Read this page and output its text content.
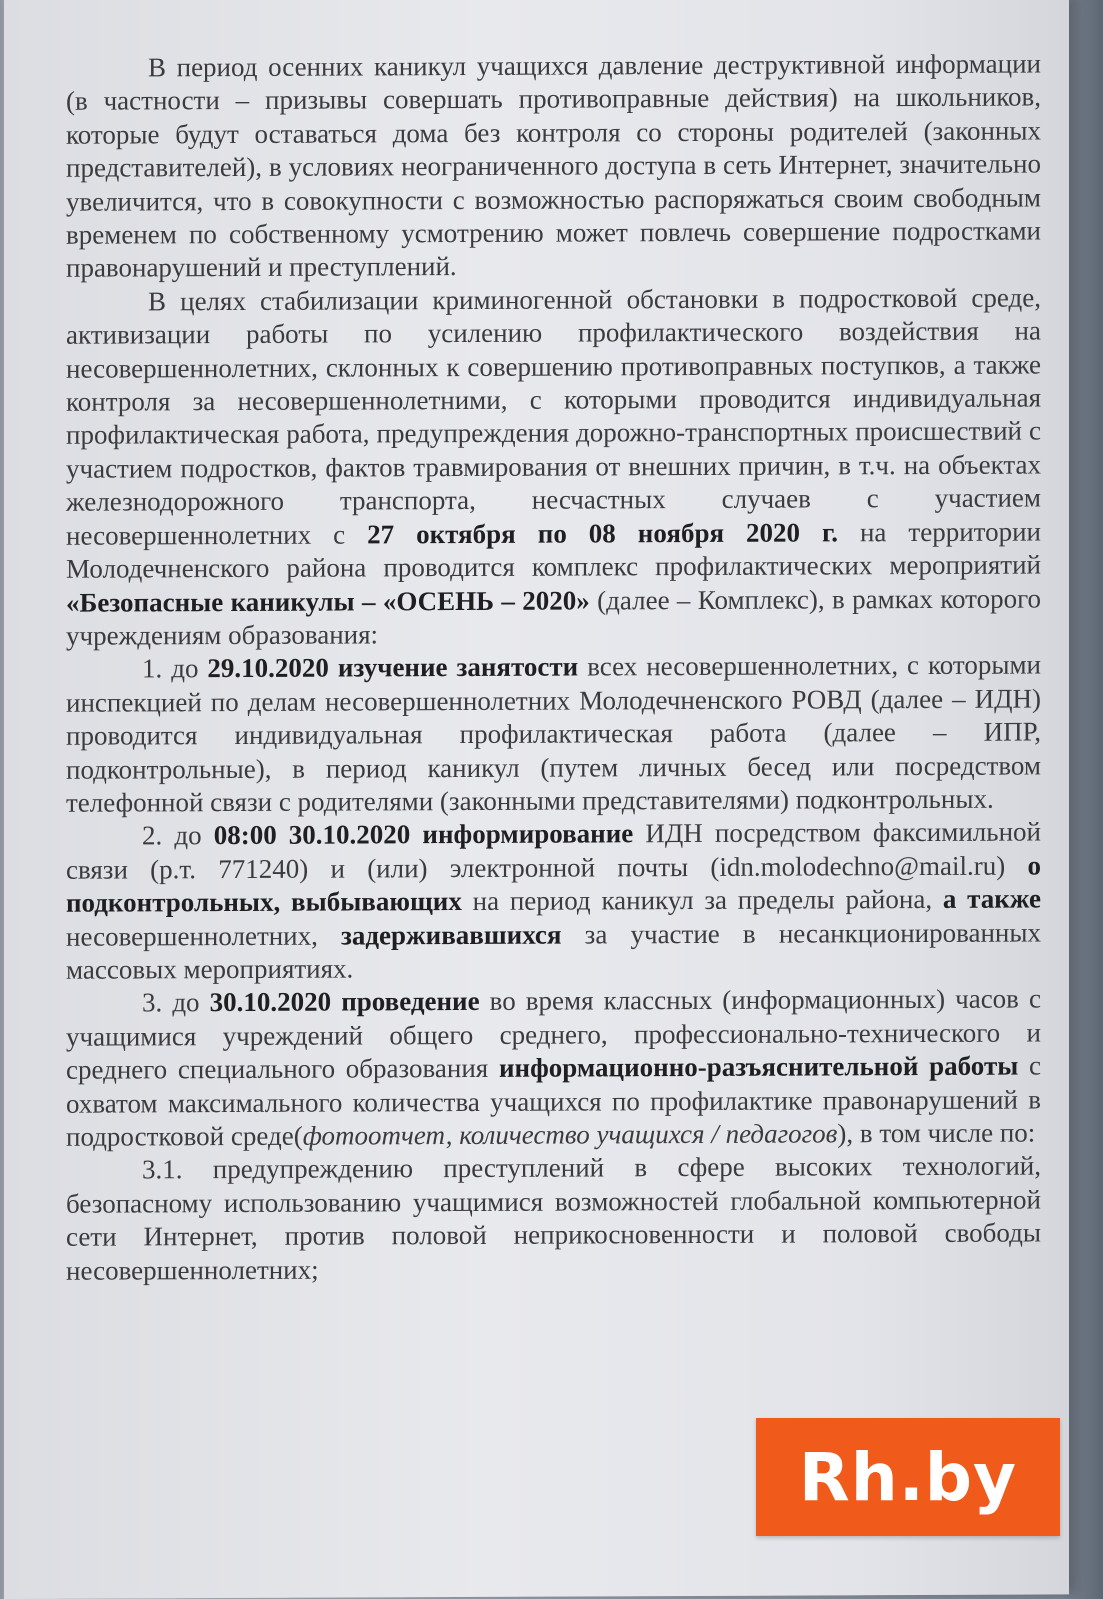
В период осенних каникул учащихся давление деструктивной информации (в частности – призывы совершать противоправные действия) на школьников, которые будут оставаться дома без контроля со стороны родителей (законных представителей), в условиях неограниченного доступа в сеть Интернет, значительно увеличится, что в совокупности с возможностью распоряжаться своим свободным временем по собственному усмотрению может повлечь совершение подростками правонарушений и преступлений.

В целях стабилизации криминогенной обстановки в подростковой среде, активизации работы по усилению профилактического воздействия на несовершеннолетних, склонных к совершению противоправных поступков, а также контроля за несовершеннолетними, с которыми проводится индивидуальная профилактическая работа, предупреждения дорожно-транспортных происшествий с участием подростков, фактов травмирования от внешних причин, в т.ч. на объектах железнодорожного транспорта, несчастных случаев с участием несовершеннолетних с 27 октября по 08 ноября 2020 г. на территории Молодечненского района проводится комплекс профилактических мероприятий «Безопасные каникулы – «ОСЕНЬ – 2020» (далее – Комплекс), в рамках которого учреждениям образования:

1. до 29.10.2020 изучение занятости всех несовершеннолетних, с которыми инспекцией по делам несовершеннолетних Молодечненского РОВД (далее – ИДН) проводится индивидуальная профилактическая работа (далее – ИПР, подконтрольные), в период каникул (путем личных бесед или посредством телефонной связи с родителями (законными представителями) подконтрольных.

2. до 08:00 30.10.2020 информирование ИДН посредством факсимильной связи (р.т. 771240) и (или) электронной почты (idn.molodechno@mail.ru) о подконтрольных, выбывающих на период каникул за пределы района, а также несовершеннолетних, задерживавшихся за участие в несанкционированных массовых мероприятиях.

3. до 30.10.2020 проведение во время классных (информационных) часов с учащимися учреждений общего среднего, профессионально-технического и среднего специального образования информационно-разъяснительной работы с охватом максимального количества учащихся по профилактике правонарушений в подростковой среде(фотоотчет, количество учащихся / педагогов), в том числе по:

3.1. предупреждению преступлений в сфере высоких технологий, безопасному использованию учащимися возможностей глобальной компьютерной сети Интернет, против половой неприкосновенности и половой свободы несовершеннолетних;

Rh.by
